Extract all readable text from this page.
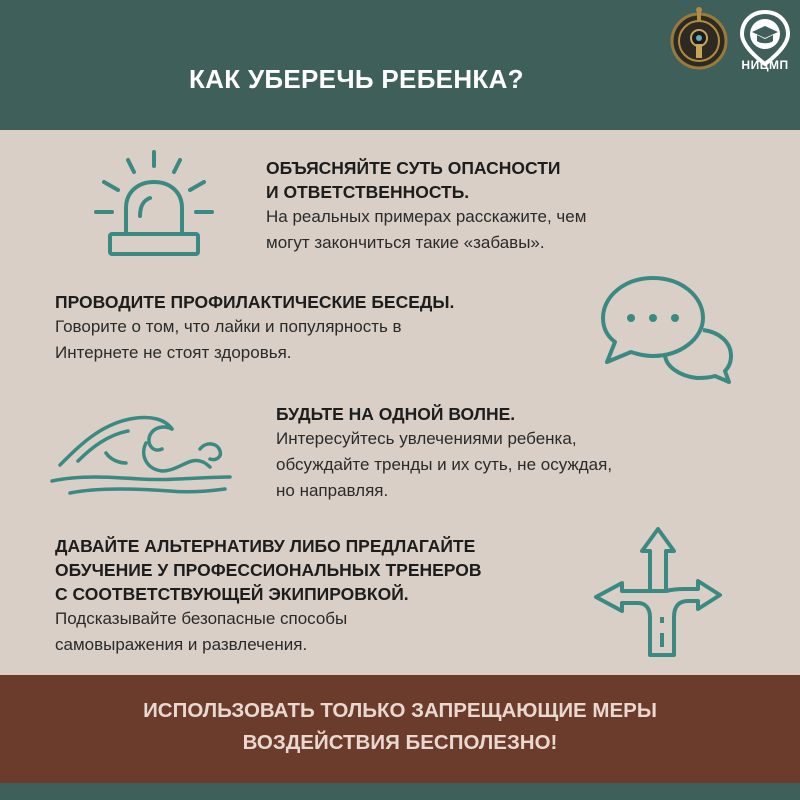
КАК УБЕРЕЧЬ РЕБЕНКА?	НИЦМП
ОБЪЯСНЯЙТЕ СУТЬ ОПАСНОСТИ
И ОТВЕТСТВЕННОСТЬ.
На реальных примерах расскажите, чем
могут закончиться такие «забавы».
ПРОВОДИТЕ ПРОФИЛАКТИЧЕСКИЕ БЕСЕДЫ.
Говорите о том, что лайки и популярность в
Интернете не стоят здоровья.
БУДЬТЕ НА ОДНОЙ ВОЛНЕ.
Интересуйтесь увлечениями ребенка,
обсуждайте тренды и их суть, не осуждая,
но направляя.
ДАВАЙТЕ АЛЬТЕРНАТИВУ ЛИБО ПРЕДЛАГАЙТЕ
ОБУЧЕНИЕ У ПРОФЕССИОНАЛЬНЫХ ТРЕНЕРОВ
С СООТВЕТСТВУЮЩЕЙ ЭКИПИРОВКОЙ.
Подсказывайте безопасные способы
самовыражения и развлечения.
ИСПОЛЬЗОВАТЬ ТОЛЬКО ЗАПРЕЩАЮЩИЕ МЕРЫ
ВОЗДЕЙСТВИЯ БЕСПОЛЕЗНО!
